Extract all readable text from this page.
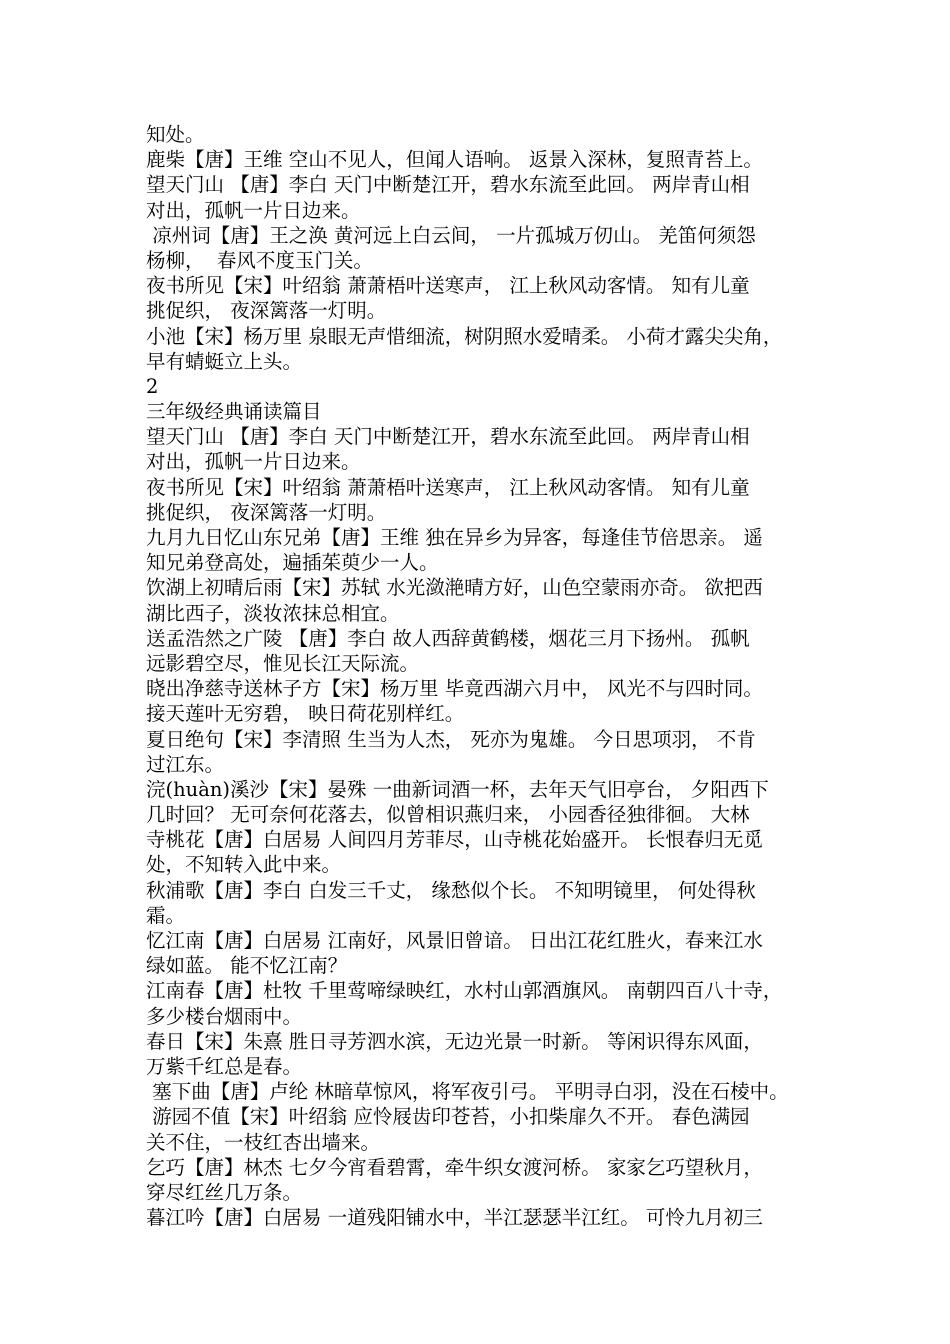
知处。
鹿柴【唐】王维 空山不见人，但闻人语响。 返景入深林，复照青苔上。
望天门山 【唐】李白 天门中断楚江开，碧水东流至此回。 两岸青山相
对出，孤帆一片日边来。
凉州词【唐】王之涣 黄河远上白云间， 一片孤城万仞山。 羌笛何须怨
杨柳，  春风不度玉门关。
夜书所见【宋】叶绍翁 萧萧梧叶送寒声， 江上秋风动客情。 知有儿童
挑促织， 夜深篱落一灯明。
小池【宋】杨万里 泉眼无声惜细流，树阴照水爱晴柔。 小荷才露尖尖角，
早有蜻蜓立上头。
2
三年级经典诵读篇目
望天门山 【唐】李白 天门中断楚江开，碧水东流至此回。 两岸青山相
对出，孤帆一片日边来。
夜书所见【宋】叶绍翁 萧萧梧叶送寒声， 江上秋风动客情。 知有儿童
挑促织， 夜深篱落一灯明。
九月九日忆山东兄弟【唐】王维 独在异乡为异客，每逢佳节倍思亲。 遥
知兄弟登高处，遍插茱萸少一人。
饮湖上初晴后雨【宋】苏轼 水光潋滟晴方好，山色空蒙雨亦奇。 欲把西
湖比西子，淡妆浓抹总相宜。
送孟浩然之广陵 【唐】李白 故人西辞黄鹤楼，烟花三月下扬州。 孤帆
远影碧空尽，惟见长江天际流。
晓出净慈寺送林子方【宋】杨万里 毕竟西湖六月中， 风光不与四时同。
接天莲叶无穷碧， 映日荷花别样红。
夏日绝句【宋】李清照 生当为人杰， 死亦为鬼雄。 今日思项羽， 不肯
过江东。
浣(huàn)溪沙【宋】晏殊 一曲新词酒一杯，去年天气旧亭台， 夕阳西下
几时回？ 无可奈何花落去，似曾相识燕归来， 小园香径独徘徊。 大林
寺桃花【唐】白居易 人间四月芳菲尽，山寺桃花始盛开。 长恨春归无觅
处，不知转入此中来。
秋浦歌【唐】李白 白发三千丈， 缘愁似个长。 不知明镜里， 何处得秋
霜。
忆江南【唐】白居易 江南好，风景旧曾谙。 日出江花红胜火，春来江水
绿如蓝。 能不忆江南？
江南春【唐】杜牧 千里莺啼绿映红，水村山郭酒旗风。 南朝四百八十寺，
多少楼台烟雨中。
春日【宋】朱熹 胜日寻芳泗水滨，无边光景一时新。 等闲识得东风面，
万紫千红总是春。
塞下曲【唐】卢纶 林暗草惊风，将军夜引弓。 平明寻白羽，没在石棱中。
游园不值【宋】叶绍翁 应怜屐齿印苍苔，小扣柴扉久不开。 春色满园
关不住，一枝红杏出墙来。
乞巧【唐】林杰 七夕今宵看碧霄，牵牛织女渡河桥。 家家乞巧望秋月，
穿尽红丝几万条。
暮江吟【唐】白居易 一道残阳铺水中，半江瑟瑟半江红。 可怜九月初三
